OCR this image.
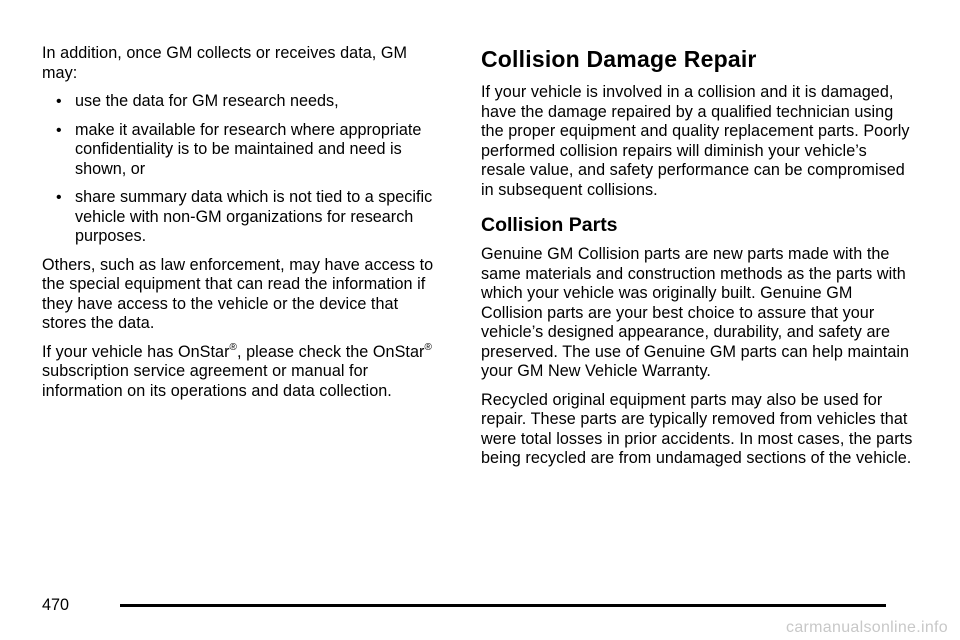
In addition, once GM collects or receives data, GM may:

• use the data for GM research needs,
• make it available for research where appropriate confidentiality is to be maintained and need is shown, or
• share summary data which is not tied to a specific vehicle with non-GM organizations for research purposes.

Others, such as law enforcement, may have access to the special equipment that can read the information if they have access to the vehicle or the device that stores the data.

If your vehicle has OnStar®, please check the OnStar® subscription service agreement or manual for information on its operations and data collection.

Collision Damage Repair

If your vehicle is involved in a collision and it is damaged, have the damage repaired by a qualified technician using the proper equipment and quality replacement parts. Poorly performed collision repairs will diminish your vehicle’s resale value, and safety performance can be compromised in subsequent collisions.

Collision Parts

Genuine GM Collision parts are new parts made with the same materials and construction methods as the parts with which your vehicle was originally built. Genuine GM Collision parts are your best choice to assure that your vehicle’s designed appearance, durability, and safety are preserved. The use of Genuine GM parts can help maintain your GM New Vehicle Warranty.

Recycled original equipment parts may also be used for repair. These parts are typically removed from vehicles that were total losses in prior accidents. In most cases, the parts being recycled are from undamaged sections of the vehicle.

470
carmanualsonline.info
